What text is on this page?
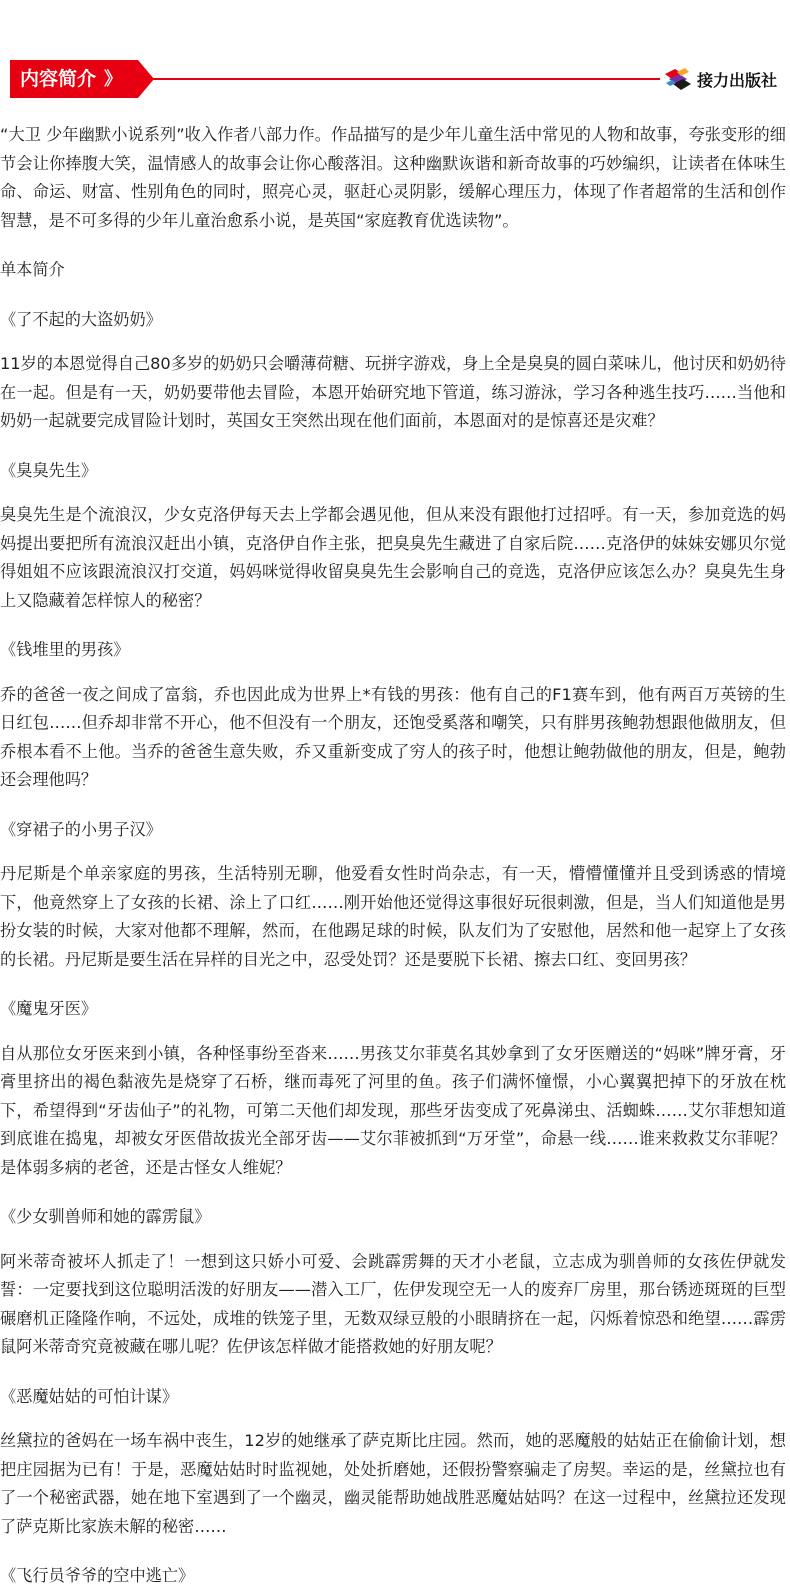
内容简介 》	接力出版社

“大卫 少年幽默小说系列”收入作者八部力作。作品描写的是少年儿童生活中常见的人物和故事，夸张变形的细节会让你捧腹大笑，温情感人的故事会让你心酸落泪。这种幽默诙谐和新奇故事的巧妙编织，让读者在体味生命、命运、财富、性别角色的同时，照亮心灵，驱赶心灵阴影，缓解心理压力，体现了作者超常的生活和创作智慧，是不可多得的少年儿童治愈系小说，是英国“家庭教育优选读物”。

单本简介

《了不起的大盗奶奶》

11岁的本恩觉得自己80多岁的奶奶只会嚼薄荷糖、玩拼字游戏，身上全是臭臭的圆白菜味儿，他讨厌和奶奶待在一起。但是有一天，奶奶要带他去冒险，本恩开始研究地下管道，练习游泳，学习各种逃生技巧……当他和奶奶一起就要完成冒险计划时，英国女王突然出现在他们面前，本恩面对的是惊喜还是灾难？

《臭臭先生》

臭臭先生是个流浪汉，少女克洛伊每天去上学都会遇见他，但从来没有跟他打过招呼。有一天，参加竞选的妈妈提出要把所有流浪汉赶出小镇，克洛伊自作主张，把臭臭先生藏进了自家后院……克洛伊的妹妹安娜贝尔觉得姐姐不应该跟流浪汉打交道，妈妈咪觉得收留臭臭先生会影响自己的竞选，克洛伊应该怎么办？臭臭先生身上又隐藏着怎样惊人的秘密？

《钱堆里的男孩》

乔的爸爸一夜之间成了富翁，乔也因此成为世界上*有钱的男孩：他有自己的F1赛车到，他有两百万英镑的生日红包……但乔却非常不开心，他不但没有一个朋友，还饱受奚落和嘲笑，只有胖男孩鲍勃想跟他做朋友，但乔根本看不上他。当乔的爸爸生意失败，乔又重新变成了穷人的孩子时，他想让鲍勃做他的朋友，但是，鲍勃还会理他吗？

《穿裙子的小男子汉》

丹尼斯是个单亲家庭的男孩，生活特别无聊，他爱看女性时尚杂志，有一天，懵懵懂懂并且受到诱惑的情境下，他竟然穿上了女孩的长裙、涂上了口红……刚开始他还觉得这事很好玩很刺激，但是，当人们知道他是男扮女装的时候，大家对他都不理解，然而，在他踢足球的时候，队友们为了安慰他，居然和他一起穿上了女孩的长裙。丹尼斯是要生活在异样的目光之中，忍受处罚？还是要脱下长裙、擦去口红、变回男孩？

《魔鬼牙医》

自从那位女牙医来到小镇，各种怪事纷至沓来……男孩艾尔菲莫名其妙拿到了女牙医赠送的“妈咪”牌牙膏，牙膏里挤出的褐色黏液先是烧穿了石桥，继而毒死了河里的鱼。孩子们满怀憧憬，小心翼翼把掉下的牙放在枕下，希望得到“牙齿仙子”的礼物，可第二天他们却发现，那些牙齿变成了死鼻涕虫、活蜘蛛……艾尔菲想知道到底谁在捣鬼，却被女牙医借故拔光全部牙齿——艾尔菲被抓到“万牙堂”，命悬一线……谁来救救艾尔菲呢？是体弱多病的老爸，还是古怪女人维妮？

《少女驯兽师和她的霹雳鼠》

阿米蒂奇被坏人抓走了！一想到这只娇小可爱、会跳霹雳舞的天才小老鼠，立志成为驯兽师的女孩佐伊就发誓：一定要找到这位聪明活泼的好朋友——潜入工厂，佐伊发现空无一人的废弃厂房里，那台锈迹斑斑的巨型碾磨机正隆隆作响，不远处，成堆的铁笼子里，无数双绿豆般的小眼睛挤在一起，闪烁着惊恐和绝望……霹雳鼠阿米蒂奇究竟被藏在哪儿呢？佐伊该怎样做才能搭救她的好朋友呢？

《恶魔姑姑的可怕计谋》

丝黛拉的爸妈在一场车祸中丧生，12岁的她继承了萨克斯比庄园。然而，她的恶魔般的姑姑正在偷偷计划，想把庄园据为已有！于是，恶魔姑姑时时监视她，处处折磨她，还假扮警察骗走了房契。幸运的是，丝黛拉也有了一个秘密武器，她在地下室遇到了一个幽灵，幽灵能帮助她战胜恶魔姑姑吗？在这一过程中，丝黛拉还发现了萨克斯比家族未解的秘密……

《飞行员爷爷的空中逃亡》
